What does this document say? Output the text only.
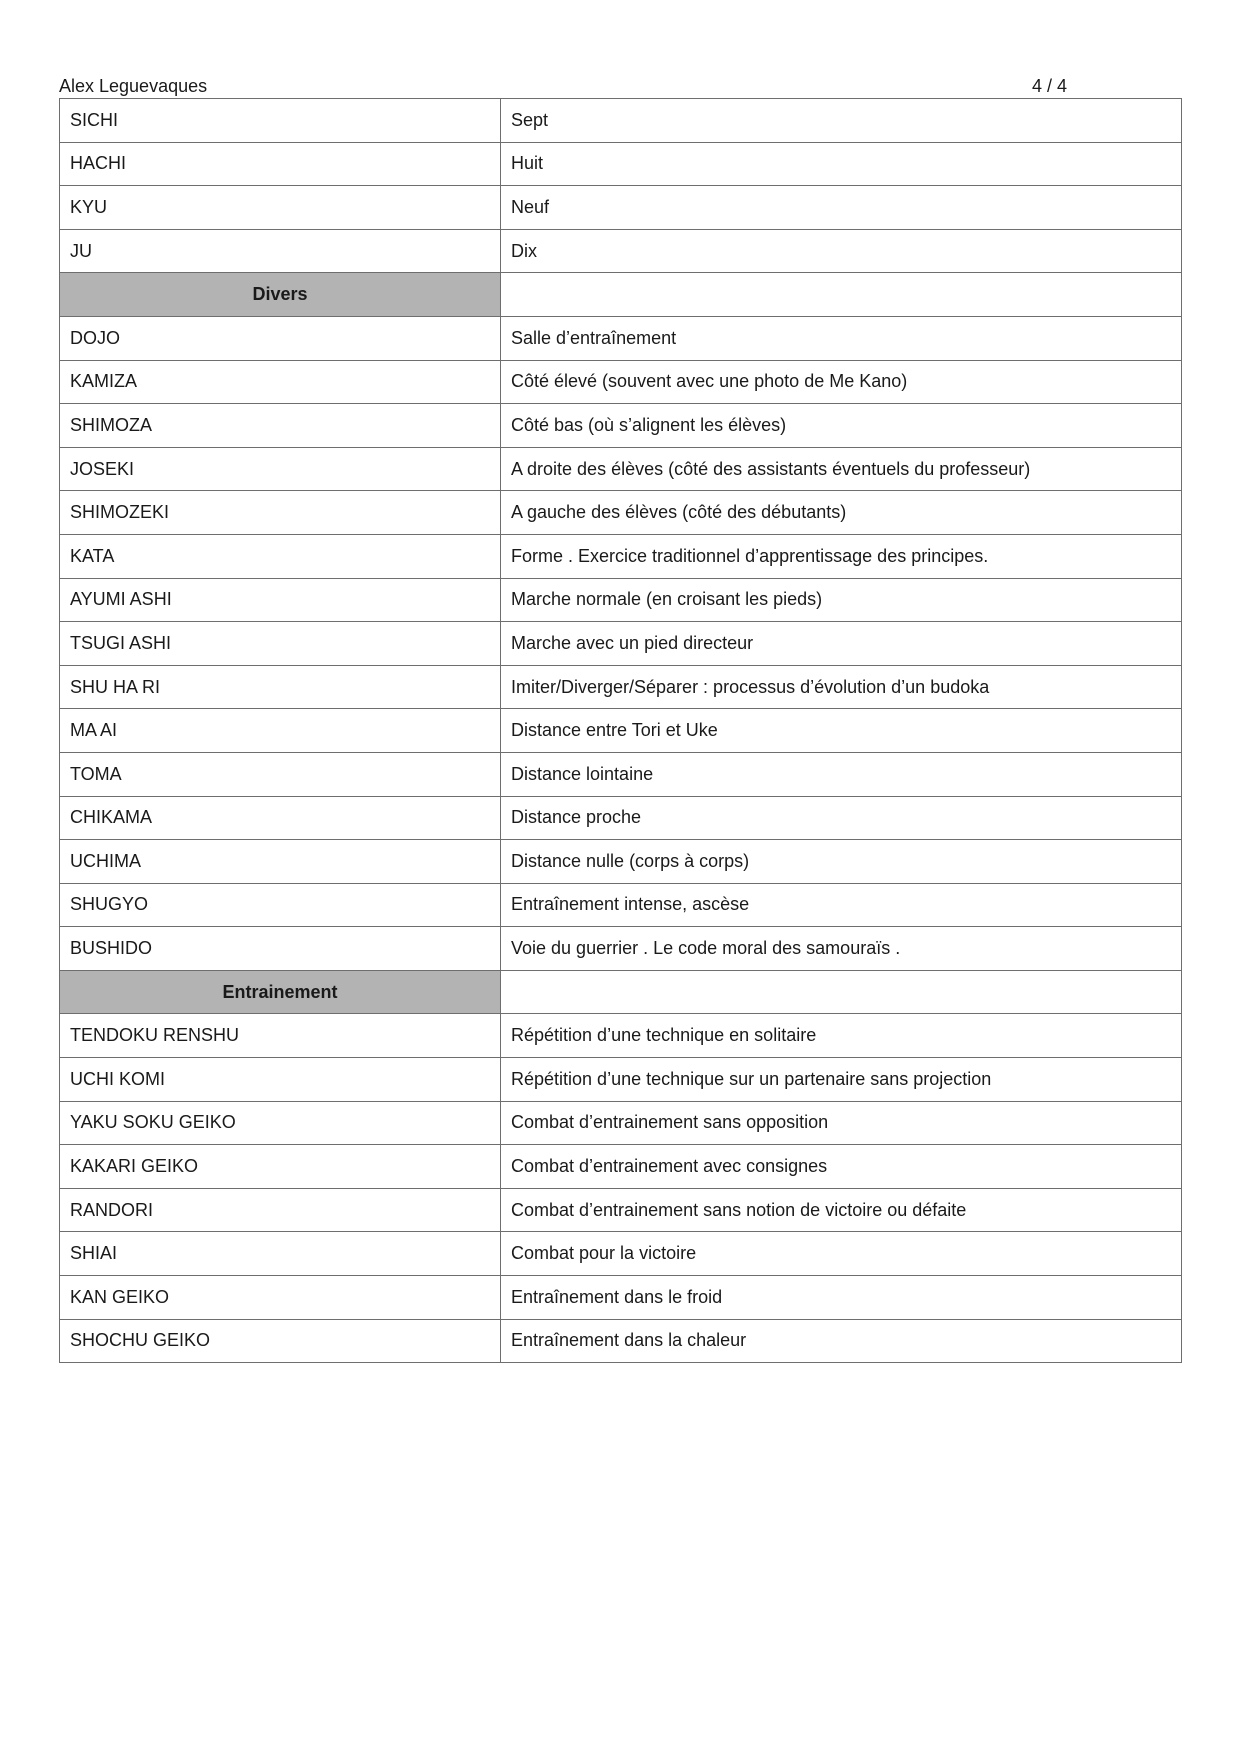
Alex Leguevaques	4 / 4
SICHI	Sept
HACHI	Huit
KYU	Neuf
JU	Dix
Divers	
DOJO	Salle d’entraînement
KAMIZA	Côté élevé (souvent avec une photo de Me Kano)
SHIMOZA	Côté bas (où s’alignent les élèves)
JOSEKI	A droite des élèves (côté des assistants éventuels du professeur)
SHIMOZEKI	A gauche des élèves (côté des débutants)
KATA	Forme . Exercice traditionnel d’apprentissage des principes.
AYUMI ASHI	Marche normale (en croisant les pieds)
TSUGI ASHI	Marche avec un pied directeur
SHU HA RI	Imiter/Diverger/Séparer : processus d’évolution d’un budoka
MA AI	Distance entre Tori et Uke
TOMA	Distance lointaine
CHIKAMA	Distance proche
UCHIMA	Distance nulle (corps à corps)
SHUGYO	Entraînement intense, ascèse
BUSHIDO	Voie du guerrier . Le code moral des samouraïs .
Entrainement	
TENDOKU RENSHU	Répétition d’une technique en solitaire
UCHI KOMI	Répétition d’une technique sur un partenaire sans projection
YAKU SOKU GEIKO	Combat d’entrainement sans opposition
KAKARI GEIKO	Combat d’entrainement avec consignes
RANDORI	Combat d’entrainement sans notion de victoire ou défaite
SHIAI	Combat pour la victoire
KAN GEIKO	Entraînement dans le froid
SHOCHU GEIKO	Entraînement dans la chaleur
